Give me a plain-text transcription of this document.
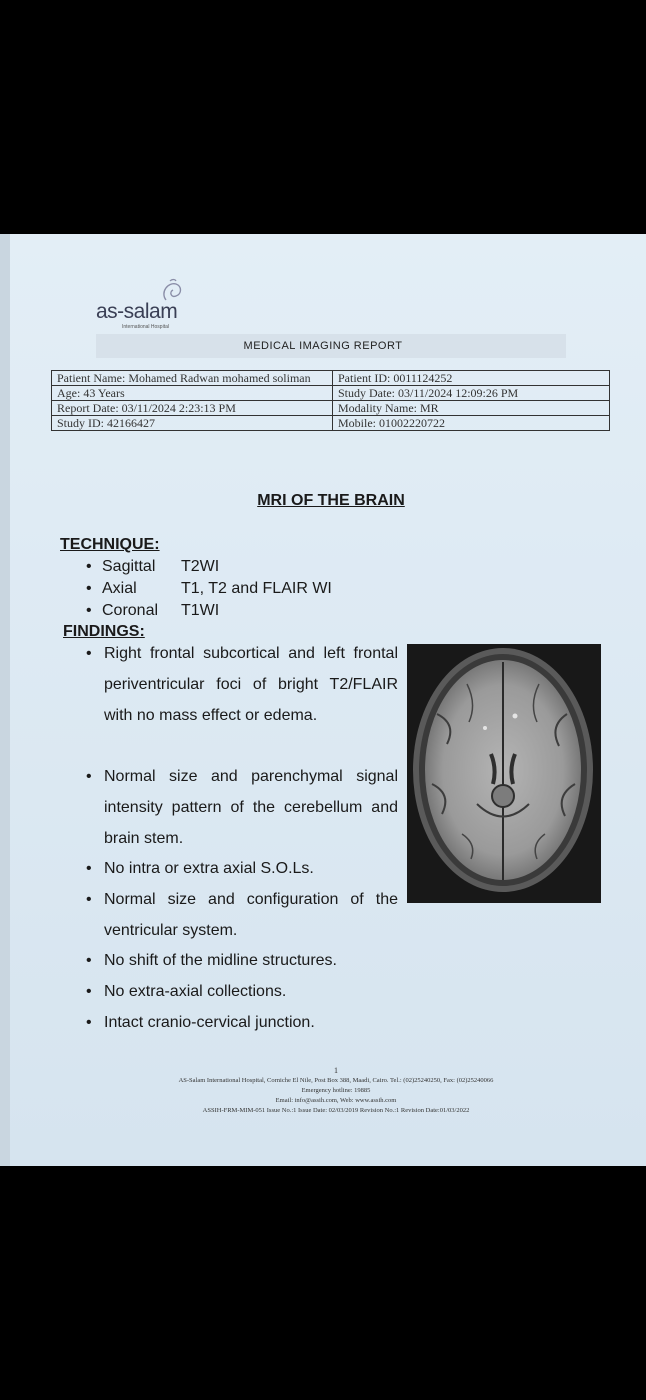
as-salam
International Hospital
MEDICAL IMAGING REPORT
Patient Name: Mohamed Radwan mohamed soliman	Patient ID: 0011124252
Age: 43 Years	Study Date: 03/11/2024 12:09:26 PM
Report Date: 03/11/2024 2:23:13 PM	Modality Name: MR
Study ID: 42166427	Mobile: 01002220722
MRI OF THE BRAIN
TECHNIQUE:
• Sagittal T2WI
• Axial	T1, T2 and FLAIR WI
• Coronal T1WI
FINDINGS:
• Right frontal subcortical and left frontal periventricular foci of bright T2/FLAIR with no mass effect or edema.
• Normal size and parenchymal signal intensity pattern of the cerebellum and brain stem.
• No intra or extra axial S.O.Ls.
• Normal size and configuration of the ventricular system.
• No shift of the midline structures.
• No extra-axial collections.
• Intact cranio-cervical junction.
1
AS-Salam International Hospital, Corniche El Nile, Post Box 388, Maadi, Cairo. Tel.: (02)25240250, Fax: (02)25240066
Emergency hotline: 19885
Email: info@assih.com, Web: www.assih.com
ASSIH-FRM-MIM-051 Issue No.:1 Issue Date: 02/03/2019 Revision No.:1 Revision Date:01/03/2022
